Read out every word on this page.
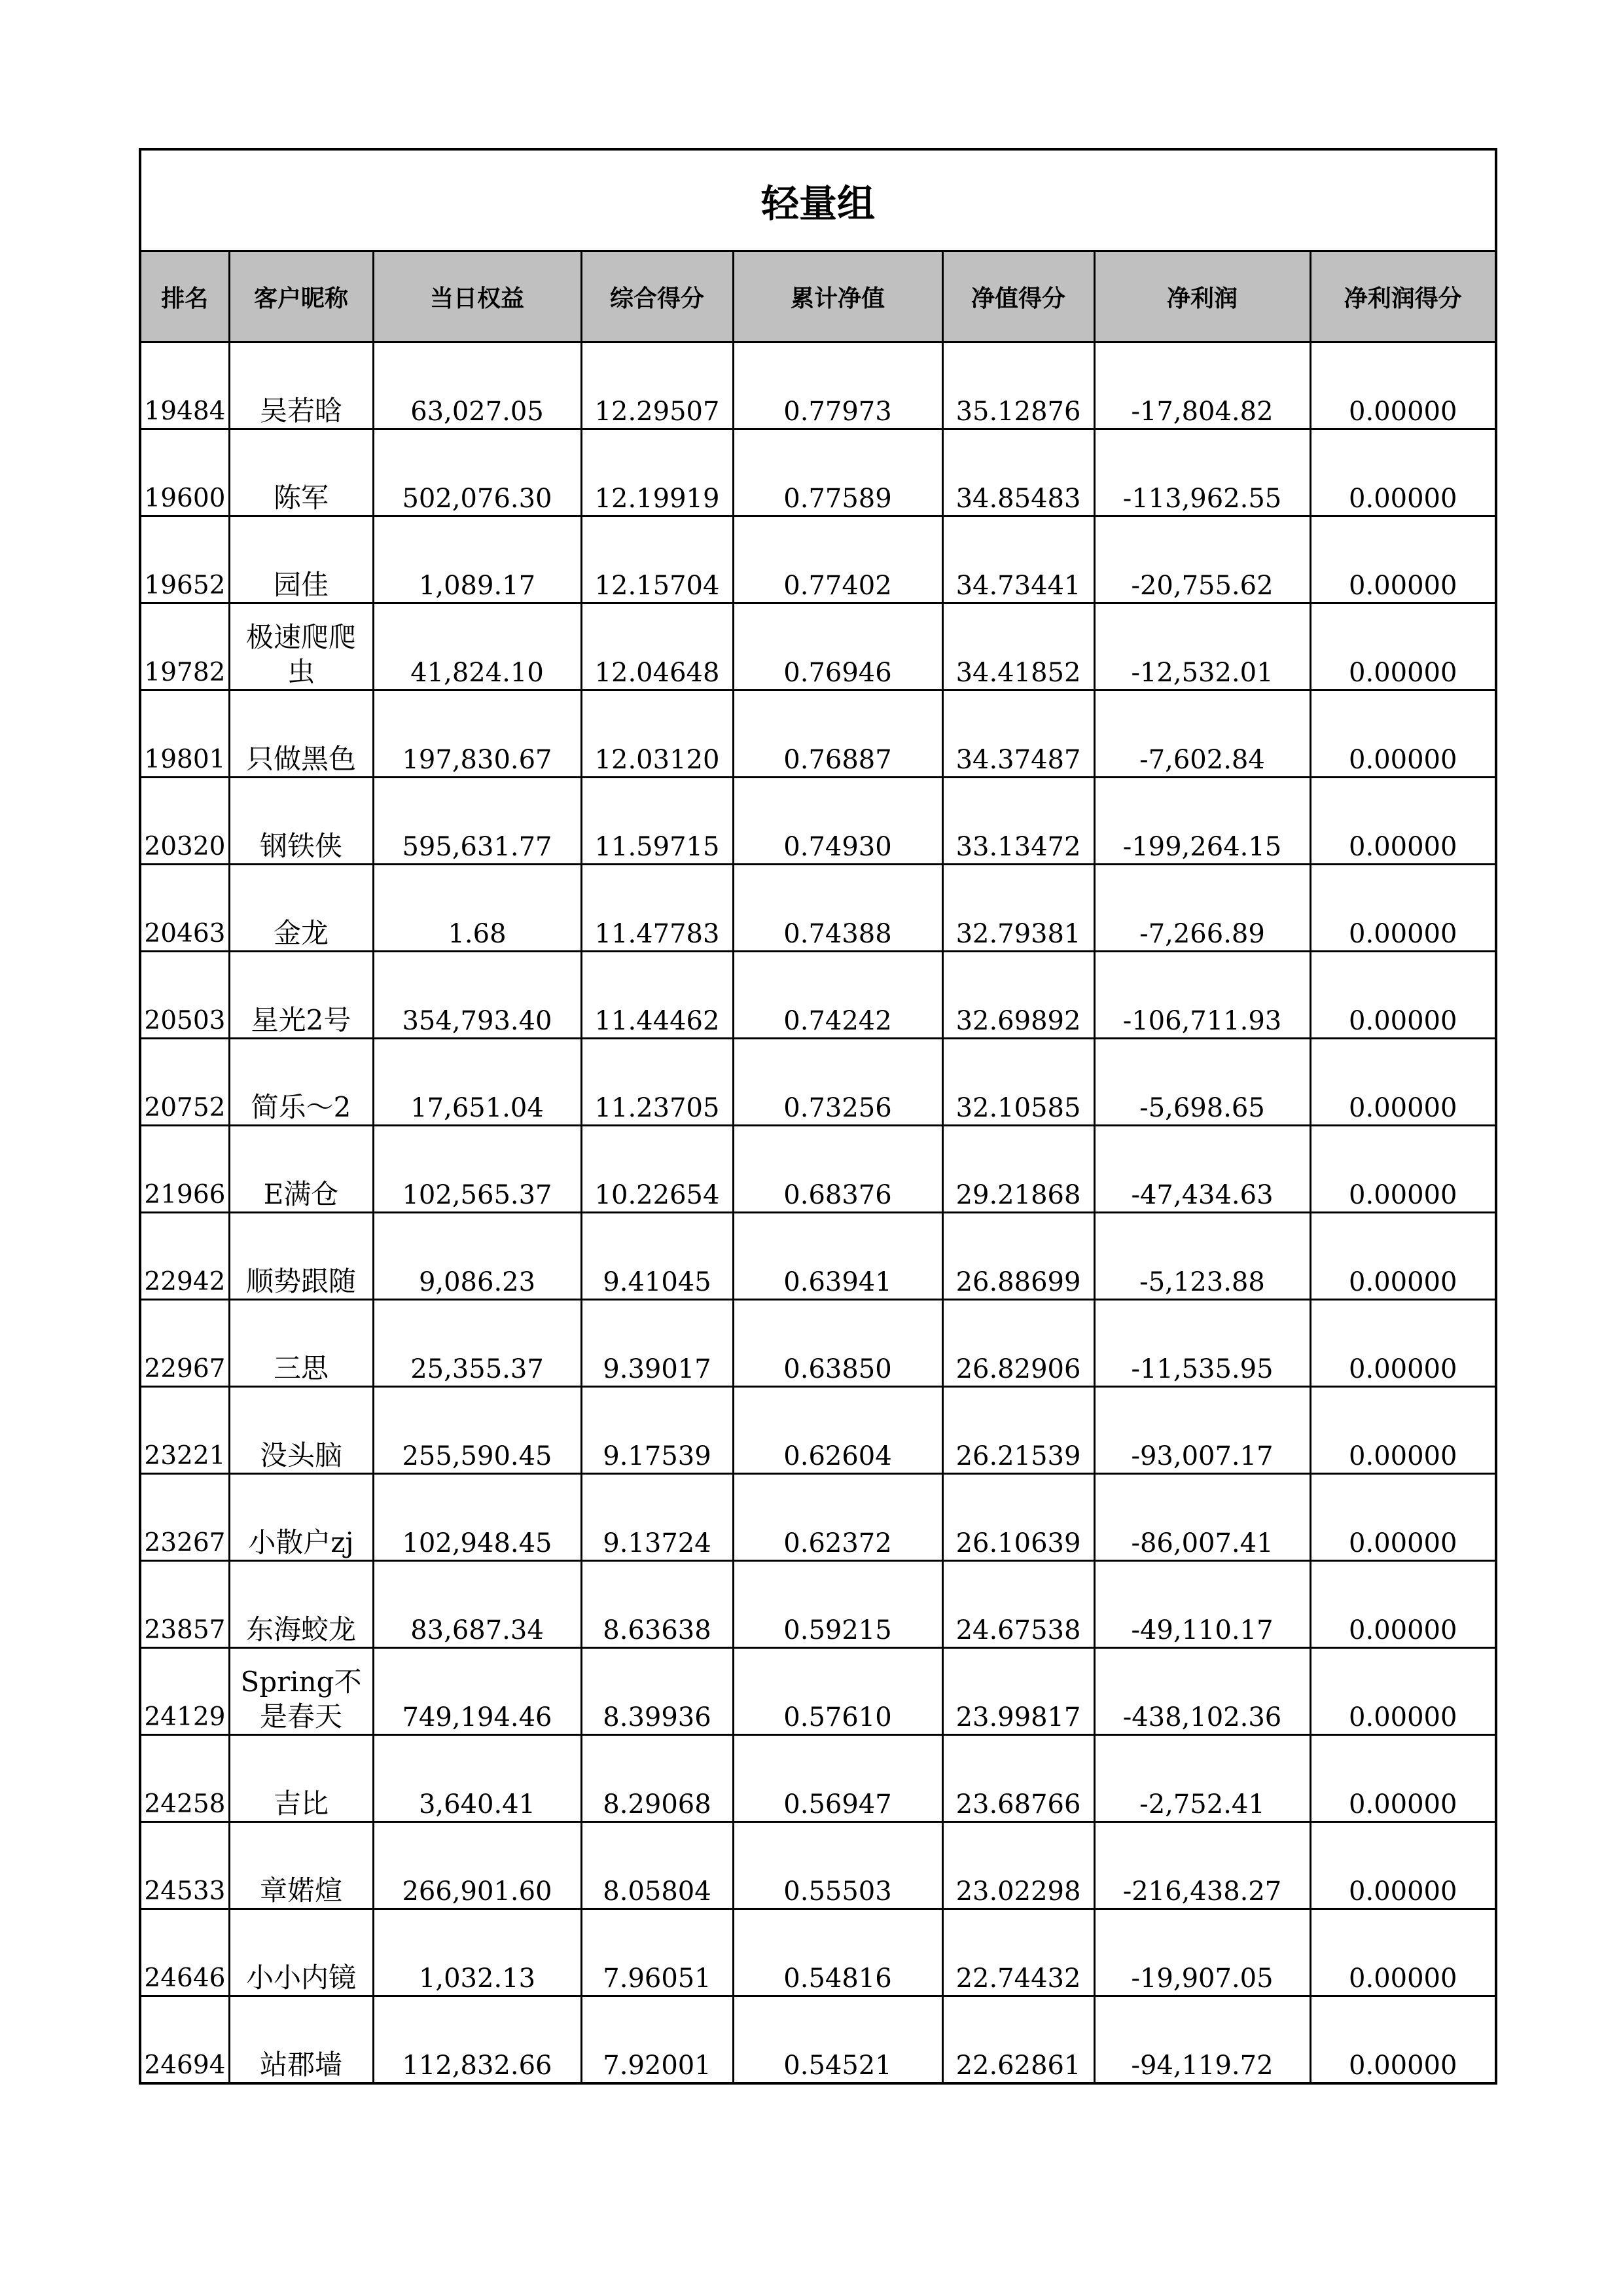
轻量组							
排名	客户昵称	当日权益	综合得分	累计净值	净值得分	净利润	净利润得分
19484	吴若晗	63,027.05	12.29507	0.77973	35.12876	-17,804.82	0.00000
19600	陈军	502,076.30	12.19919	0.77589	34.85483	-113,962.55	0.00000
19652	园佳	1,089.17	12.15704	0.77402	34.73441	-20,755.62	0.00000
19782	极速爬爬虫	41,824.10	12.04648	0.76946	34.41852	-12,532.01	0.00000
19801	只做黑色	197,830.67	12.03120	0.76887	34.37487	-7,602.84	0.00000
20320	钢铁侠	595,631.77	11.59715	0.74930	33.13472	-199,264.15	0.00000
20463	金龙	1.68	11.47783	0.74388	32.79381	-7,266.89	0.00000
20503	星光2号	354,793.40	11.44462	0.74242	32.69892	-106,711.93	0.00000
20752	简乐～2	17,651.04	11.23705	0.73256	32.10585	-5,698.65	0.00000
21966	E满仓	102,565.37	10.22654	0.68376	29.21868	-47,434.63	0.00000
22942	顺势跟随	9,086.23	9.41045	0.63941	26.88699	-5,123.88	0.00000
22967	三思	25,355.37	9.39017	0.63850	26.82906	-11,535.95	0.00000
23221	没头脑	255,590.45	9.17539	0.62604	26.21539	-93,007.17	0.00000
23267	小散户zj	102,948.45	9.13724	0.62372	26.10639	-86,007.41	0.00000
23857	东海蛟龙	83,687.34	8.63638	0.59215	24.67538	-49,110.17	0.00000
24129	Spring不是春天	749,194.46	8.39936	0.57610	23.99817	-438,102.36	0.00000
24258	吉比	3,640.41	8.29068	0.56947	23.68766	-2,752.41	0.00000
24533	章婼煊	266,901.60	8.05804	0.55503	23.02298	-216,438.27	0.00000
24646	小小内镜	1,032.13	7.96051	0.54816	22.74432	-19,907.05	0.00000
24694	站郡墙	112,832.66	7.92001	0.54521	22.62861	-94,119.72	0.00000
